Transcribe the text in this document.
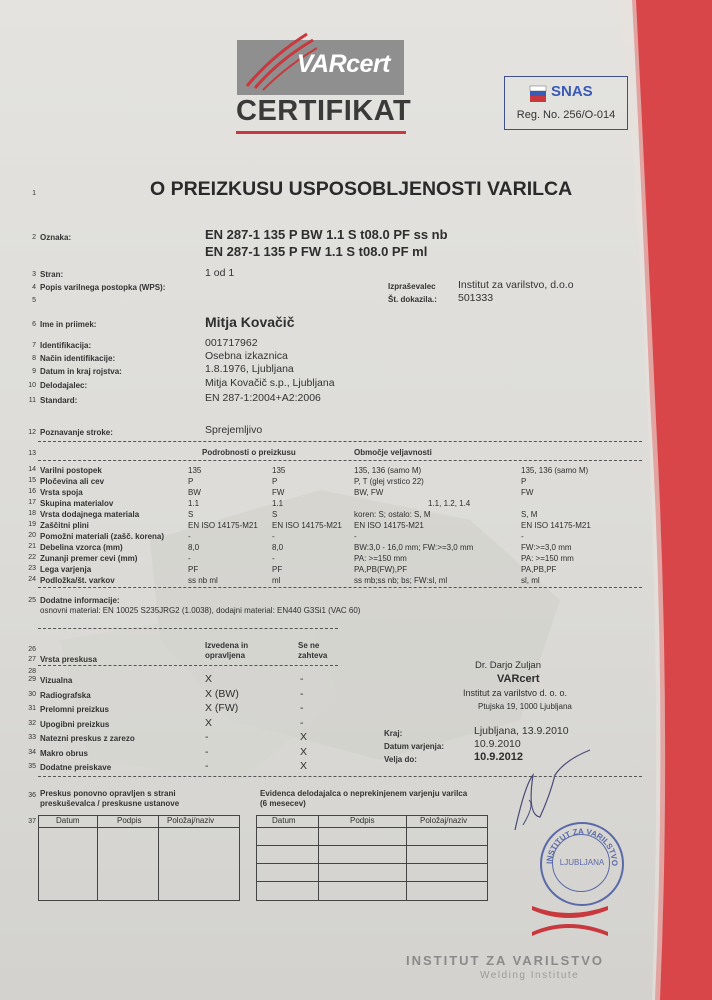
VARcert
CERTIFIKAT
SNAS
Reg. No. 256/O-014
1	O PREIZKUSU USPOSOBLJENOSTI VARILCA
2 Oznaka:	EN 287-1 135 P BW 1.1 S t08.0 PF ss nb
EN 287-1 135 P FW 1.1 S t08.0 PF ml
3 Stran:	1 od 1
4 Popis varilnega postopka (WPS):	Izpraševalec Institut za varilstvo, d.o.o
5	Št. dokazila.: 501333
6 Ime in priimek:	Mitja Kovačič
7 Identifikacija:	001717962
8 Način identifikacije:	Osebna izkaznica
9 Datum in kraj rojstva:	1.8.1976, Ljubljana
10 Delodajalec:	Mitja Kovačič s.p., Ljubljana
11 Standard:	EN 287-1:2004+A2:2006
12 Poznavanje stroke:	Sprejemljivo
13	Podrobnosti o preizkusu	Območje veljavnosti
14 Varilni postopek	135	135	135, 136 (samo M)	135, 136 (samo M)
15 Pločevina ali cev	P	P	P, T (glej vrstico 22)	P
16 Vrsta spoja	BW	FW	BW, FW	FW
17 Skupina materialov	1.1	1.1	1.1, 1.2, 1.4
18 Vrsta dodajnega materiala	S	S	koren: S; ostalo: S, M	S, M
19 Zaščitni plini	EN ISO 14175-M21 EN ISO 14175-M21 EN ISO 14175-M21	EN ISO 14175-M21
20 Pomožni materiali (zašč. korena)	-	-	-	-
21 Debelina vzorca (mm)	8,0	8,0	BW:3,0 - 16,0 mm; FW:>=3,0 mm	FW:>=3,0 mm
22 Zunanji premer cevi (mm)	-	-	PA: >=150 mm	PA: >=150 mm
23 Lega varjenja	PF	PF	PA,PB(FW),PF	PA,PB,PF
24 Podložka/št. varkov	ss nb ml	ml	ss mb;ss nb; bs; FW:sl, ml	sl, ml
25 Dodatne informacije:
osnovni material: EN 10025 S235JRG2 (1.0038), dodajni material: EN440 G3Si1 (VAC 60)
26
27 Vrsta preskusa
Izvedena in opravljena
Se ne zahteva
28
29 Vizualna	X	-
30 Radiografska	X (BW)	-
31 Prelomni preizkus	X (FW)	-
32 Upogibni preizkus	X	-
33 Natezni preskus z zarezo	-	X
34 Makro obrus	-	X
35 Dodatne preiskave	-	X
Dr. Darjo Zuljan
VARcert
Institut za varilstvo d. o. o.
Ptujska 19, 1000 Ljubljana
Kraj:	Ljubljana, 13.9.2010
Datum varjenja:	10.9.2010
Velja do:	10.9.2012
36 Preskus ponovno opravljen s strani preskuševalca / preskusne ustanove
Evidenca delodajalca o neprekinjenem varjenju varilca (6 mesecev)
37	Datum	Podpis	Položaj/naziv	Datum	Podpis	Položaj/naziv
INSTITUT ZA VARILSTVO
LJUBLJANA
INSTITUT ZA VARILSTVO
Welding Institute
